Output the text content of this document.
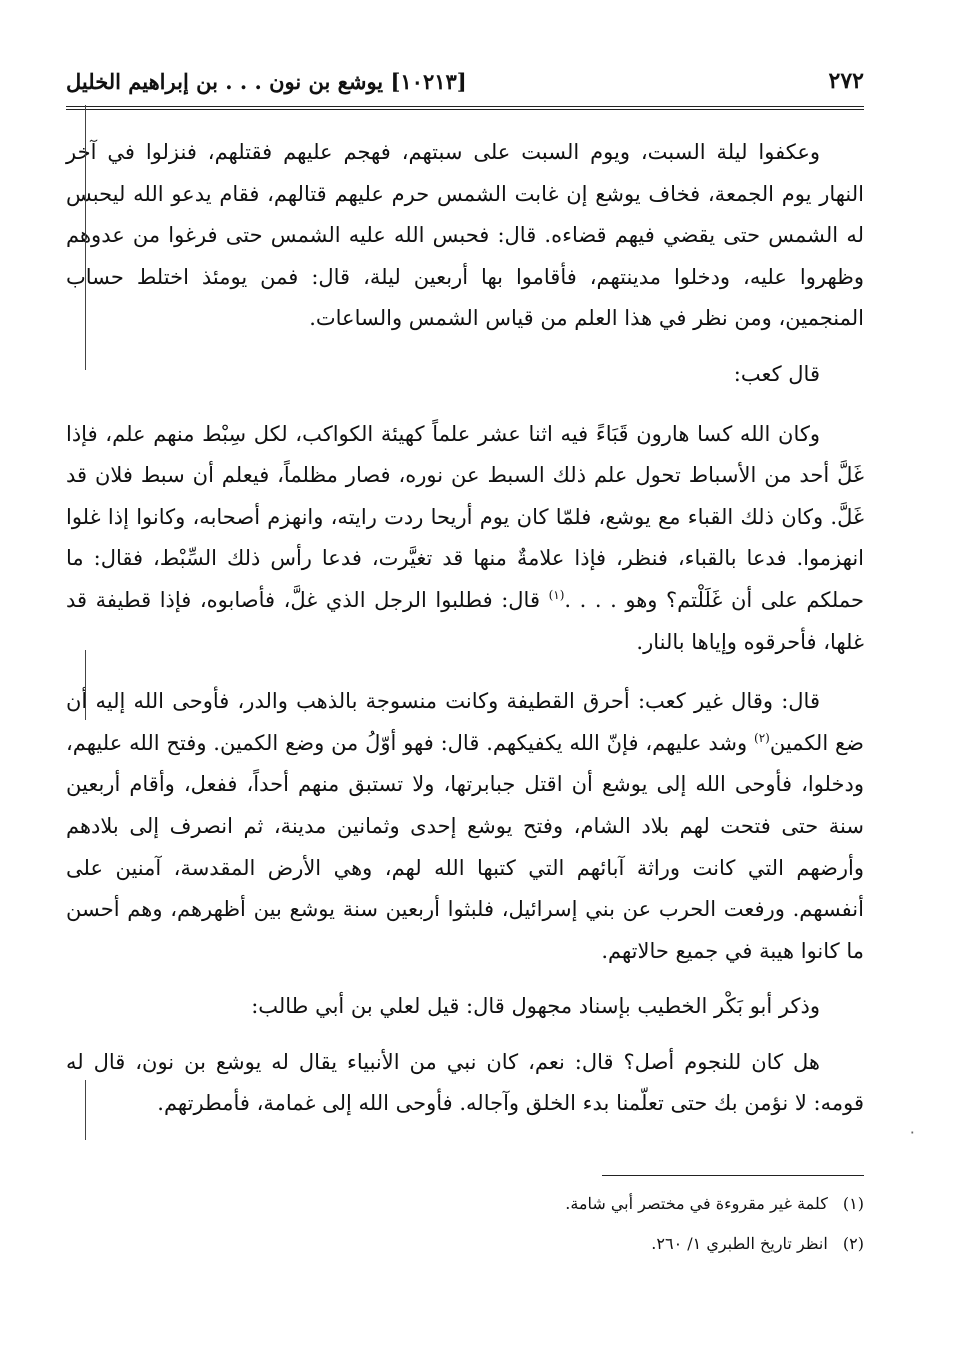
٢٧٢
[١٠٢١٣] يوشع بن نون . . . بن إبراهيم الخليل

وعكفوا ليلة السبت، ويوم السبت على سبتهم، فهجم عليهم فقتلهم، فنزلوا في آخر النهار يوم الجمعة، فخاف يوشع إن غابت الشمس حرم عليهم قتالهم، فقام يدعو الله ليحبس له الشمس حتى يقضي فيهم قضاءه. قال: فحبس الله عليه الشمس حتى فرغوا من عدوهم وظهروا عليه، ودخلوا مدينتهم، فأقاموا بها أربعين ليلة، قال: فمن يومئذ اختلط حساب المنجمين، ومن نظر في هذا العلم من قياس الشمس والساعات.

قال كعب:

وكان الله كسا هارون قَبَاءً فيه اثنا عشر علماً كهيئة الكواكب، لكل سِبْط منهم علم، فإذا غَلَّ أحد من الأسباط تحول علم ذلك السبط عن نوره، فصار مظلماً، فيعلم أن سبط فلان قد غَلَّ. وكان ذلك القباء مع يوشع، فلمّا كان يوم أريحا ردت رايته، وانهزم أصحابه، وكانوا إذا غلوا انهزموا. فدعا بالقباء، فنظر، فإذا علامةٌ منها قد تغيَّرت، فدعا رأس ذلك السِّبْط، فقال: ما حملكم على أن غَلَلْتم؟ وهو . . . .$^{(١)}$ قال: فطلبوا الرجل الذي غلَّ، فأصابوه، فإذا قطيفة قد غلها، فأحرقوه وإياها بالنار.

قال: وقال غير كعب: أحرق القطيفة وكانت منسوجة بالذهب والدر، فأوحى الله إليه أن ضع الكمين$^{(٢)}$ وشد عليهم، فإنّ الله يكفيكهم. قال: فهو أوّلُ من وضع الكمين. وفتح الله عليهم، ودخلوا، فأوحى الله إلى يوشع أن اقتل جبابرتها، ولا تستبق منهم أحداً، ففعل، وأقام أربعين سنة حتى فتحت لهم بلاد الشام، وفتح يوشع إحدى وثمانين مدينة، ثم انصرف إلى بلادهم وأرضهم التي كانت وراثة آبائهم التي كتبها الله لهم، وهي الأرض المقدسة، آمنين على أنفسهم. ورفعت الحرب عن بني إسرائيل، فلبثوا أربعين سنة يوشع بين أظهرهم، وهم أحسن ما كانوا هيبة في جميع حالاتهم.

وذكر أبو بَكْر الخطيب بإسناد مجهول قال: قيل لعلي بن أبي طالب:

هل كان للنجوم أصل؟ قال: نعم، كان نبي من الأنبياء يقال له يوشع بن نون، قال له قومه: لا نؤمن بك حتى تعلّمنا بدء الخلق وآجاله. فأوحى الله إلى غمامة، فأمطرتهم.

(١) كلمة غير مقروءة في مختصر أبي شامة.
(٢) انظر تاريخ الطبري ١/ ٢٦٠.
٠
